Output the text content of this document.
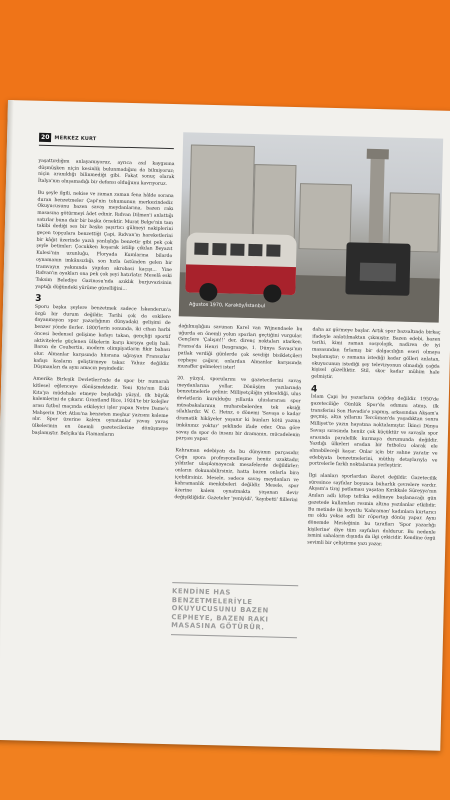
20 MERKEZ KURT
Ağustos 1970, Karaköy/İstanbul

yaşattırdığını anlayamıyoruz, ayrıca asıl kaygısına düşmüşken niçin kesinlik bulunmadığını da bilmiyoruz; niçin aranıldığı bilinmediği gibi. Fakat sonuç olarak İtalya'nın oluşamadığı bir defansı olduğunu kavrıyoruz.

Bu şeyle ilgili, nekise ve zaman zaman fena hâlde sorana duran benzetmeler Çapi'nin tohumunun merkezindedir. Okuyucusunu bazen savaş meydanlarına, bazen rakı masasına götürmeyi âdet edinir. Rıdvan Dilmen'i anlattığı satırlar buna dair bir başka örnektir. Murat Belge'nin tam takibi dediği ses bir başka şaşırtıcı gülmeyi nakiplerini geçen topçulara benzettiği Çapi, Rıdvan'ın hareketlerini bir kâğıt üzerinde yazılı yanlışlığa benzetir gibi pek çok şeyle betimler: Çocukken koşarak istilip çıkılan Beyazıt Kulesi'nin uzunluğu, Floryada Kumlarına bilardo oynamanın imkânsızlığı, son hızla üstünden gelen bir tramvayın yakınında yapılan akrobasi kaçışı... Yine Rıdvan'ın ayakları ona pek çok şeyi hatırlatır. Meselâ eski Taksim Belediye Gazinosu'nda azıklık burjuvazisinin yaptığı düğündeki yürüme güzelliğini...

3

Sporu başka şeylere benzetmek sadece İskenderun'a özgü bir durum değildir. Tarihi çok da eskilere dayanmayan spor yazarlığının dünyadaki gelişimi de benzer yönde ilerler. 1800'lerin sonunda, iki cihan harbi öncesi bedensel gelişime kafayı takan, gençliği sportif aktivitelerle güçlenen ülkelerin karşı karşıya geliş hali. Baron de Coubertin, modern olimpiyatların fikir babası olur. Almanlar karşısında hüsrana uğrayan Fransızlar kafayı kasların geliştirmeye takar. Yahuz değildir. Düşmanları da aynı amacın peşindedir.

Amerika Birleşik Devletleri'nde de spor bir numaralı kitlesel eğlenceye dönüşmektedir. Yeni Kıta'nın Eski Kıta'ya müdahale etmeye başladığı yüzyıl, ilk büyük kalemlerini de çıkarır. Grantland Rice, 1924'te bir kolejler arası futbol maçında etkileyici işler yapan Notre Dame's Mahşerin Dört Atlısı'na benzeten meşhur yazısını kaleme alır. Spor üzerine kalem oynatanlar yavaş yavaş ülkelerinin en önemli gazetecilerine dönüşmeye başlamıştır. Belçika'da Flamanların

dağılmışlığını savunan Karel van Wijnendaele bu uğurda en önemli yolun sporları geçtiğini vurgular. Gençlere 'Çalışın!!' der, direnç noktaları atarken. Fransa'da Henri Desgrange, 1. Dünya Savaşı'nın patlak verdiği günlerde çok sevdiği bisikletçileri cepheye çağırır, onlardan Almanlar karşısında muzaffer gelmeleri ister!

20. yüzyıl, sporularını ve gazetecilerini savaş meydanlarına yollar. Dönüşüm yazılarında benzetmelerle gelinir. Milliyetçiliğin yükseldiği, ulus devletlerin kurulduğu yıllarda uluslararası spor müsabakalarının muharebelerden tek eksiği silahlardır. W. C. Heinz, o dönemi 'Savaşa o kadar dramatik hikâyeler yaşanır ki bunları kötü yazma imkânınız yoktur' şeklinde ifade eder. Ona göre savaş da spor da insanı bir dramanın, mücadelenin parçası yapar.

Kahraman edebiyatı da bu dünyanın parçasıdır. Çoğu spora profesyonelleşme henüz uzaktadır, yıldızlar ulaşılamayacak mesafelerde değildirler; onların dokunabilirsiniz, hatta bazen onlarla bira içebilirsiniz. Mesele, sadece savaş meydanları ve kahramanlık menkıbeleri değildir. Mesele, spor üzerine kalem oynatmakta yaşanan devir değişikliğidir. Gazeteler 'yeniyidi', 'kayıbetti' fiillerini

KENDİNE HAS BENZETMELERİYLE OKUYUCUSUNU BAZEN CEPHEYE, BAZEN RAKI MASASINA GÖTÜRÜR.

daha az görmeye başlar. Artık spor bazsaltında birkaç ifadeyle anlatılmaktan çıkmıştır. Bazen edebi, bazen tarihi, kimi zaman sosyolojik, nadiren de iyi masasından fırlamış bir dalgacılığın eseri olmaya başlamıştır; o zamana istediği kadar gölleri anlatan, okuyucunun istediği şey televizyonun olmadığı çağda kişisel güzelliktir. Stil, skor kadar mühim hale gelmiştir.

4

İslam Çapi bu yazarların çağdaş değildir. 1950'de gazeteciliğe Günlük Spor'da adımını atmış, ilk transferini Son Havadis'e yapmış, arkasından Akşam'a geçmiş, altın yıllarını Tercüman'da yaşadıktan sonra Milliyet'te yazın hayatına noktalamıştır. İkinci Dünya Savaşı sırasında henüz çok küçüktür ve savaşla spor arasında paralellik kurmaya durumunda değildir. Yazdığı ülkeleri aradan bir futbolcu olarak ele alınabileceği kaçar. Onlar için bir sahne yaratır ve edebiyata benzetmelerini, müthiş detaylarıyla ve portrelerle farklı noktalarına yerleştirir.

İlgi alanları sporlardan ibaret değildir. Gazetecilik süresince sayfalar boyunca buharlık çevrelere vardır. Akşam'a tiraj patlaması yaşatan Kırıkkale Süreyya'nın Anıları adlı kitap tefrika edilmeye başlanacağı gün gazetede kullanılan resmin altına yazılanlar etkilidir. Bu metinde iki boyutlu 'Kahraman' kadınlara kurtarıcı mı oldu yoksa adli bir röportajı dönüş yapar. Aynı dönemde Mesleğinin bu tarafları 'Spor yazarlığı kişilerine' diye tüm sayfaları doldurur. Bu nedenle ismini sahaların dışında da ilgi çekicidir. Kendine özgü sevimli bir çeliştirme yazı yazar.
